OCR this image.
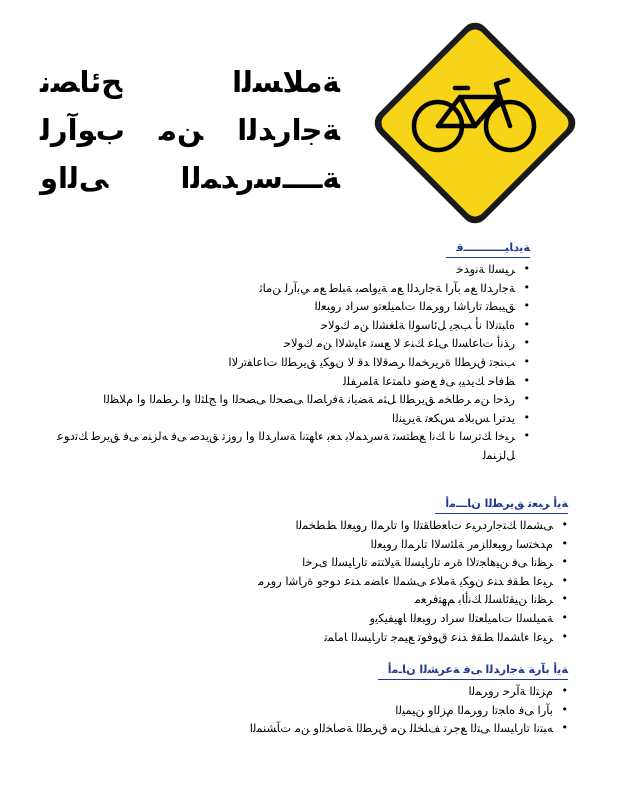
ﺔﻣﻼﺴﻟا ﺢﺋﺎﺼﻧ
ﺔﺟارﺪﻟا ﻦﻣ بﻮآرﻟ
ﺔــــﺳرﺪﻤﻟا ﻰﻟاو
ﺔﻳدﺎﻴـــــــــــﻗ
• ﺮﻴﺴﻟا ﺔﻧوﺪﺧ
• ﺔﺟارﺪﻟا ﻊﻣ بآرا ﺔﺟارﺪﻟا ﻊﻣ ﺔﻳوﺎﺼﺑ ﺔﺒﻠﻃ ﻊﻣ ﻲﺑآرﻟ ﻦﻣﺎﺛ
• ﻖﻴﺒﻄﺗ تارﺎﺷا روﺮﻤﻟا تﺎﻤﻴﻠﻌﺗو سراد روﺒﻌﻟا
• ﻩﺎﺒﺘﻧﻻا نأ ﺐﺠﻳ ﻞﺋﺎﺳﻮﻟا ﺔﻠﻐﺸﻟا ﻦﻣ كﻮﻟﺎﺣ
• رﺬﻧأ تﺎﻋﺎﺴﻟا ﻰﻠﻋ ﻚﻨﻋ ﻻ ﻊﺴﺗ ءﺎﻴﺷﻻا ﻦﻣ كﻮﻟﺎﺣ
• ﺐﻨﺠﺗ قﺮﻄﻟا ةﺮﻳﺮﺨﻤﻟا ﺮﺼﻗﻻا ﺪﻗ ﻻ نﻮﻜﻳ ﻖﻳﺮﻄﻟا تﺎﻋﺎﻔﺗرﻻا
• ﻆﻓﺎﺣ ﻚﻳﺪﻴﺑ ﻰﻓ ﻊﺿو دﺎﻤﺘﻋا ﺔﻠﻣﺮﻔﻠﻟ
• رﺬﺣا ﻦﻣ ﺮﻃﺎﺨﻣ ﻖﻳﺮﻄﻟا ﻞﺜﻣ ﺔﻀﻳﺎﻧ ﺔﻓرﺎﺼﻟا ﻰﺼﺤﻟا ﻰﺼﺤﻟا وا ﺞﻠﺜﻟا وا ﺮﻄﻤﻟا وا مﻼﻈﻟا
• يدترا ﺲﺑﻼﻣ ﺲﻜﻌﺗ ﺔﻳﺮﻴﻨﻟا
• ﺮﺒﺧا ﻚﺗﺮﺳا نا ﻚﻧا ﻊﻄﺘﺴﺗ ﺔﺳرﺪﻤﻟﺎﺑ ﺪﻌﺑ ءﺎﻬﺘﻧا ﺔﺳارﺪﻟا وا روزﺗ ﻖﻳﺪﺻ ﻰﻓ ﻪﻟﺰﻨﻣ ﻰﻓ ﻖﻳﺮﻃ ﻚﺗدﻮﻋ ﻞﻟﺰﻨﻤﻟ
ﺔﻳأ ﺮﺒﻌﺗ ﻖﻳﺮﻄﻟا نﺎـــﻣأ
• ﻰﺸﻤﻟا ﻚﺘﺟاردﺮﺒﻋ تﺎﻌﻃﺎﻘﺘﻟا وا تاﺮﻤﻟا روﺒﻌﻟا ﻂﻄﺨﻤﻟا
• مﺪﺨﺘﺳا روﺒﻌﻟاﺰﻣر ﺔﻠﺌﺳﻻا تاﺮﻤﻟا روﺒﻌﻟا
• ﺮﻈﻧا ﻰﻓ ﻦﻴﻫﺎﺠﺗﻻا ةﺮﻣ تارﺎﻴﺴﻟا ﺔﻴﻟﺎﺘﺘﻣ تارﺎﻴﺴﻟا ىﺮﺧا
• ﺮﺒﻋا ﻂﻘﻓ ﺪﻨﻋ نﻮﻜﻳ ﺔﻣﻼﻋ ﻰﺸﻤﻟا ءﺎﻀﻣ ﺪﻨﻋ دﻮﺟو ةرﺎﺷا روﺮﻣ
• ﺮﻈﻧا ﻦﻴﻘﺋﺎﺴﻠﻟ ﻚﻧأﺎﺑ ﻢﻬﺘﻓﺮﻌﻣ
• ﺔﻤﻴﻠﺴﻟا تﺎﻤﻴﻠﻌﺘﻟا سراد روﺒﻌﻟا ﺎﻬﻴﻔﻴﻜﻳو
• ﺮﺒﻋا ءﺎﺸﻤﻟا ﻂﻘﻓ ﺪﻨﻋ قﻮﻓﻮﺗ ﻊﻴﻤﺟ تارﺎﻴﺴﻟا ﺎﻣﺎﻤﺗ
ﺔﻳأ بآرﺔ ﺔﺟارﺪﻟا ﻰﻓ ﺔﻋﺮﺸﻟا نﺎـﻣأ
• مﺰﺘﻟا ﺔآﺮﺣ روﺮﻤﻟا
• بآرا ﻰﻓ ﻩﺎﺠﺗا روﺮﻤﻟا مﺰﻟاو ﻦﻴﻤﻴﻟا
• ﻪﺒﺘﻧا تارﺎﻴﺴﻟا ﻰﺘﻟا ﻊﺟﺮﺗ ﻒﻠﺨﻠﻟ ﻦﻣ قﺮﻄﻟا ﺔﺻﺎﺨﻟاو ﻦﻣ تﺂﺸﻨﻤﻟا
